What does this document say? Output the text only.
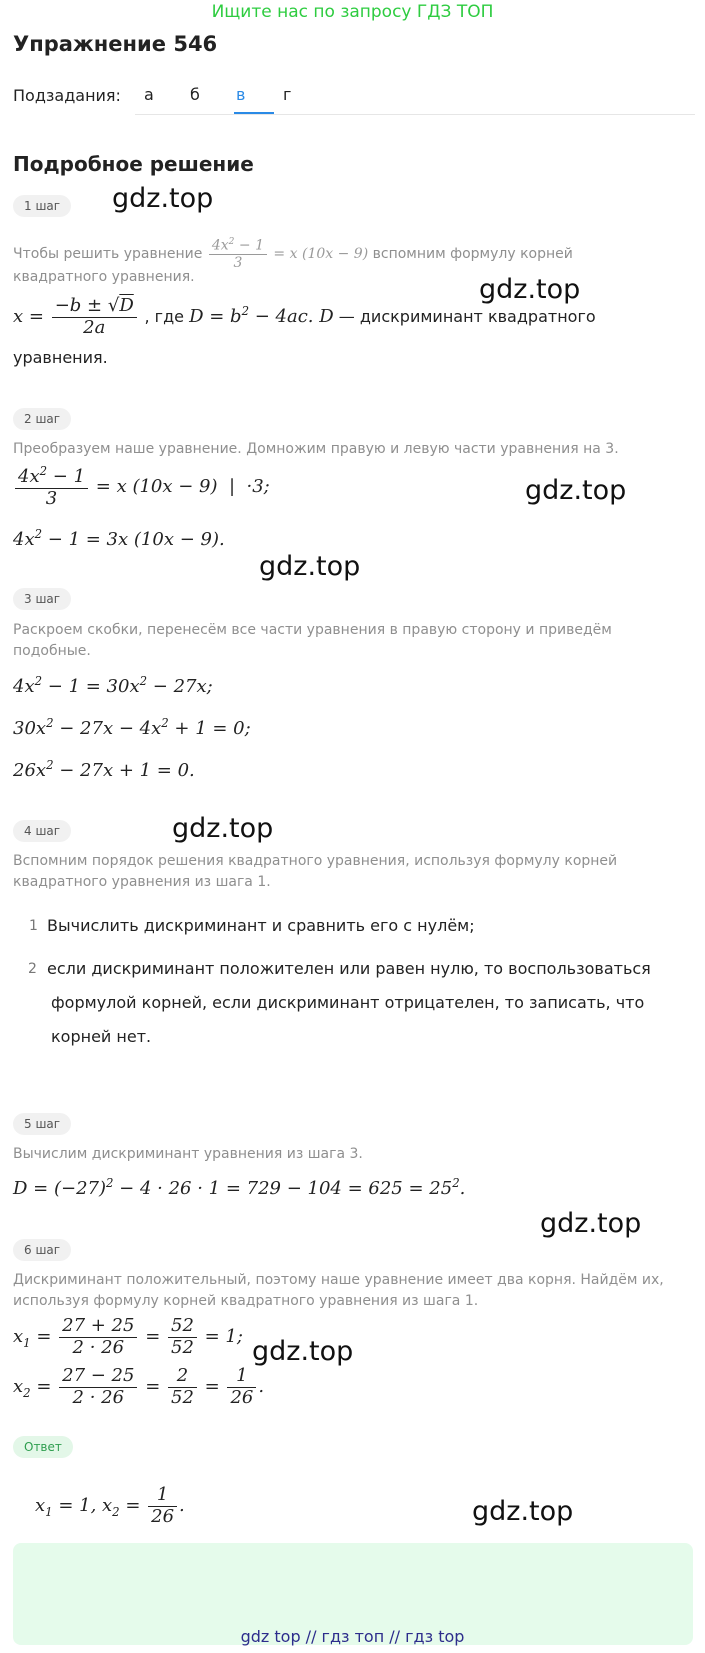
Ищите нас по запросу ГДЗ ТОП
Упражнение 546
Подзадания: а б в г
Подробное решение
1 шаг	gdz.top
Чтобы решить уравнение $\frac{4x^2 - 1}{3} = x$ (10x − 9) вспомним формулу корней
квадратного уравнения.	gdz.top
$x = \frac{-b \pm √D}{2a}$ , где $D = b^2 - 4ac$. D — дискриминант квадратного
уравнения.
2 шаг
Преобразуем наше уравнение. Домножим правую и левую части уравнения на 3.
$\frac{4x^2 - 1}{3} = x$ (10x − 9)  |  ·3;	gdz.top
$4x^2 - 1 = 3x$ (10x − 9).
gdz.top
3 шаг
Раскроем скобки, перенесём все части уравнения в правую сторону и приведём
подобные.
$4x^2 - 1 = 30x^2 - 27x$;
$30x^2 - 27x - 4x^2 + 1 = 0$;
$26x^2 - 27x + 1 = 0$.
4 шаг	gdz.top
Вспомним порядок решения квадратного уравнения, используя формулу корней
квадратного уравнения из шага 1.
1 Вычислить дискриминант и сравнить его с нулём;
2 если дискриминант положителен или равен нулю, то воспользоваться
формулой корней, если дискриминант отрицателен, то записать, что
корней нет.
5 шаг
Вычислим дискриминант уравнения из шага 3.
$D = (-27)^2 - 4 \cdot 26 \cdot 1 = 729 - 104 = 625 = 25^2$.
gdz.top
6 шаг
Дискриминант положительный, поэтому наше уравнение имеет два корня. Найдём их,
используя формулу корней квадратного уравнения из шага 1.
$x_1 = \frac{27 + 25}{2 \cdot 26} = \frac{52}{52} = 1$; gdz.top
$x_2 = \frac{27 - 25}{2 \cdot 26} = \frac{2}{52} = \frac{1}{26}$ .
Ответ
$x_1 = 1$, $x_2 = \frac{1}{26}$ .	gdz.top
gdz top // гдз топ // гдз top
